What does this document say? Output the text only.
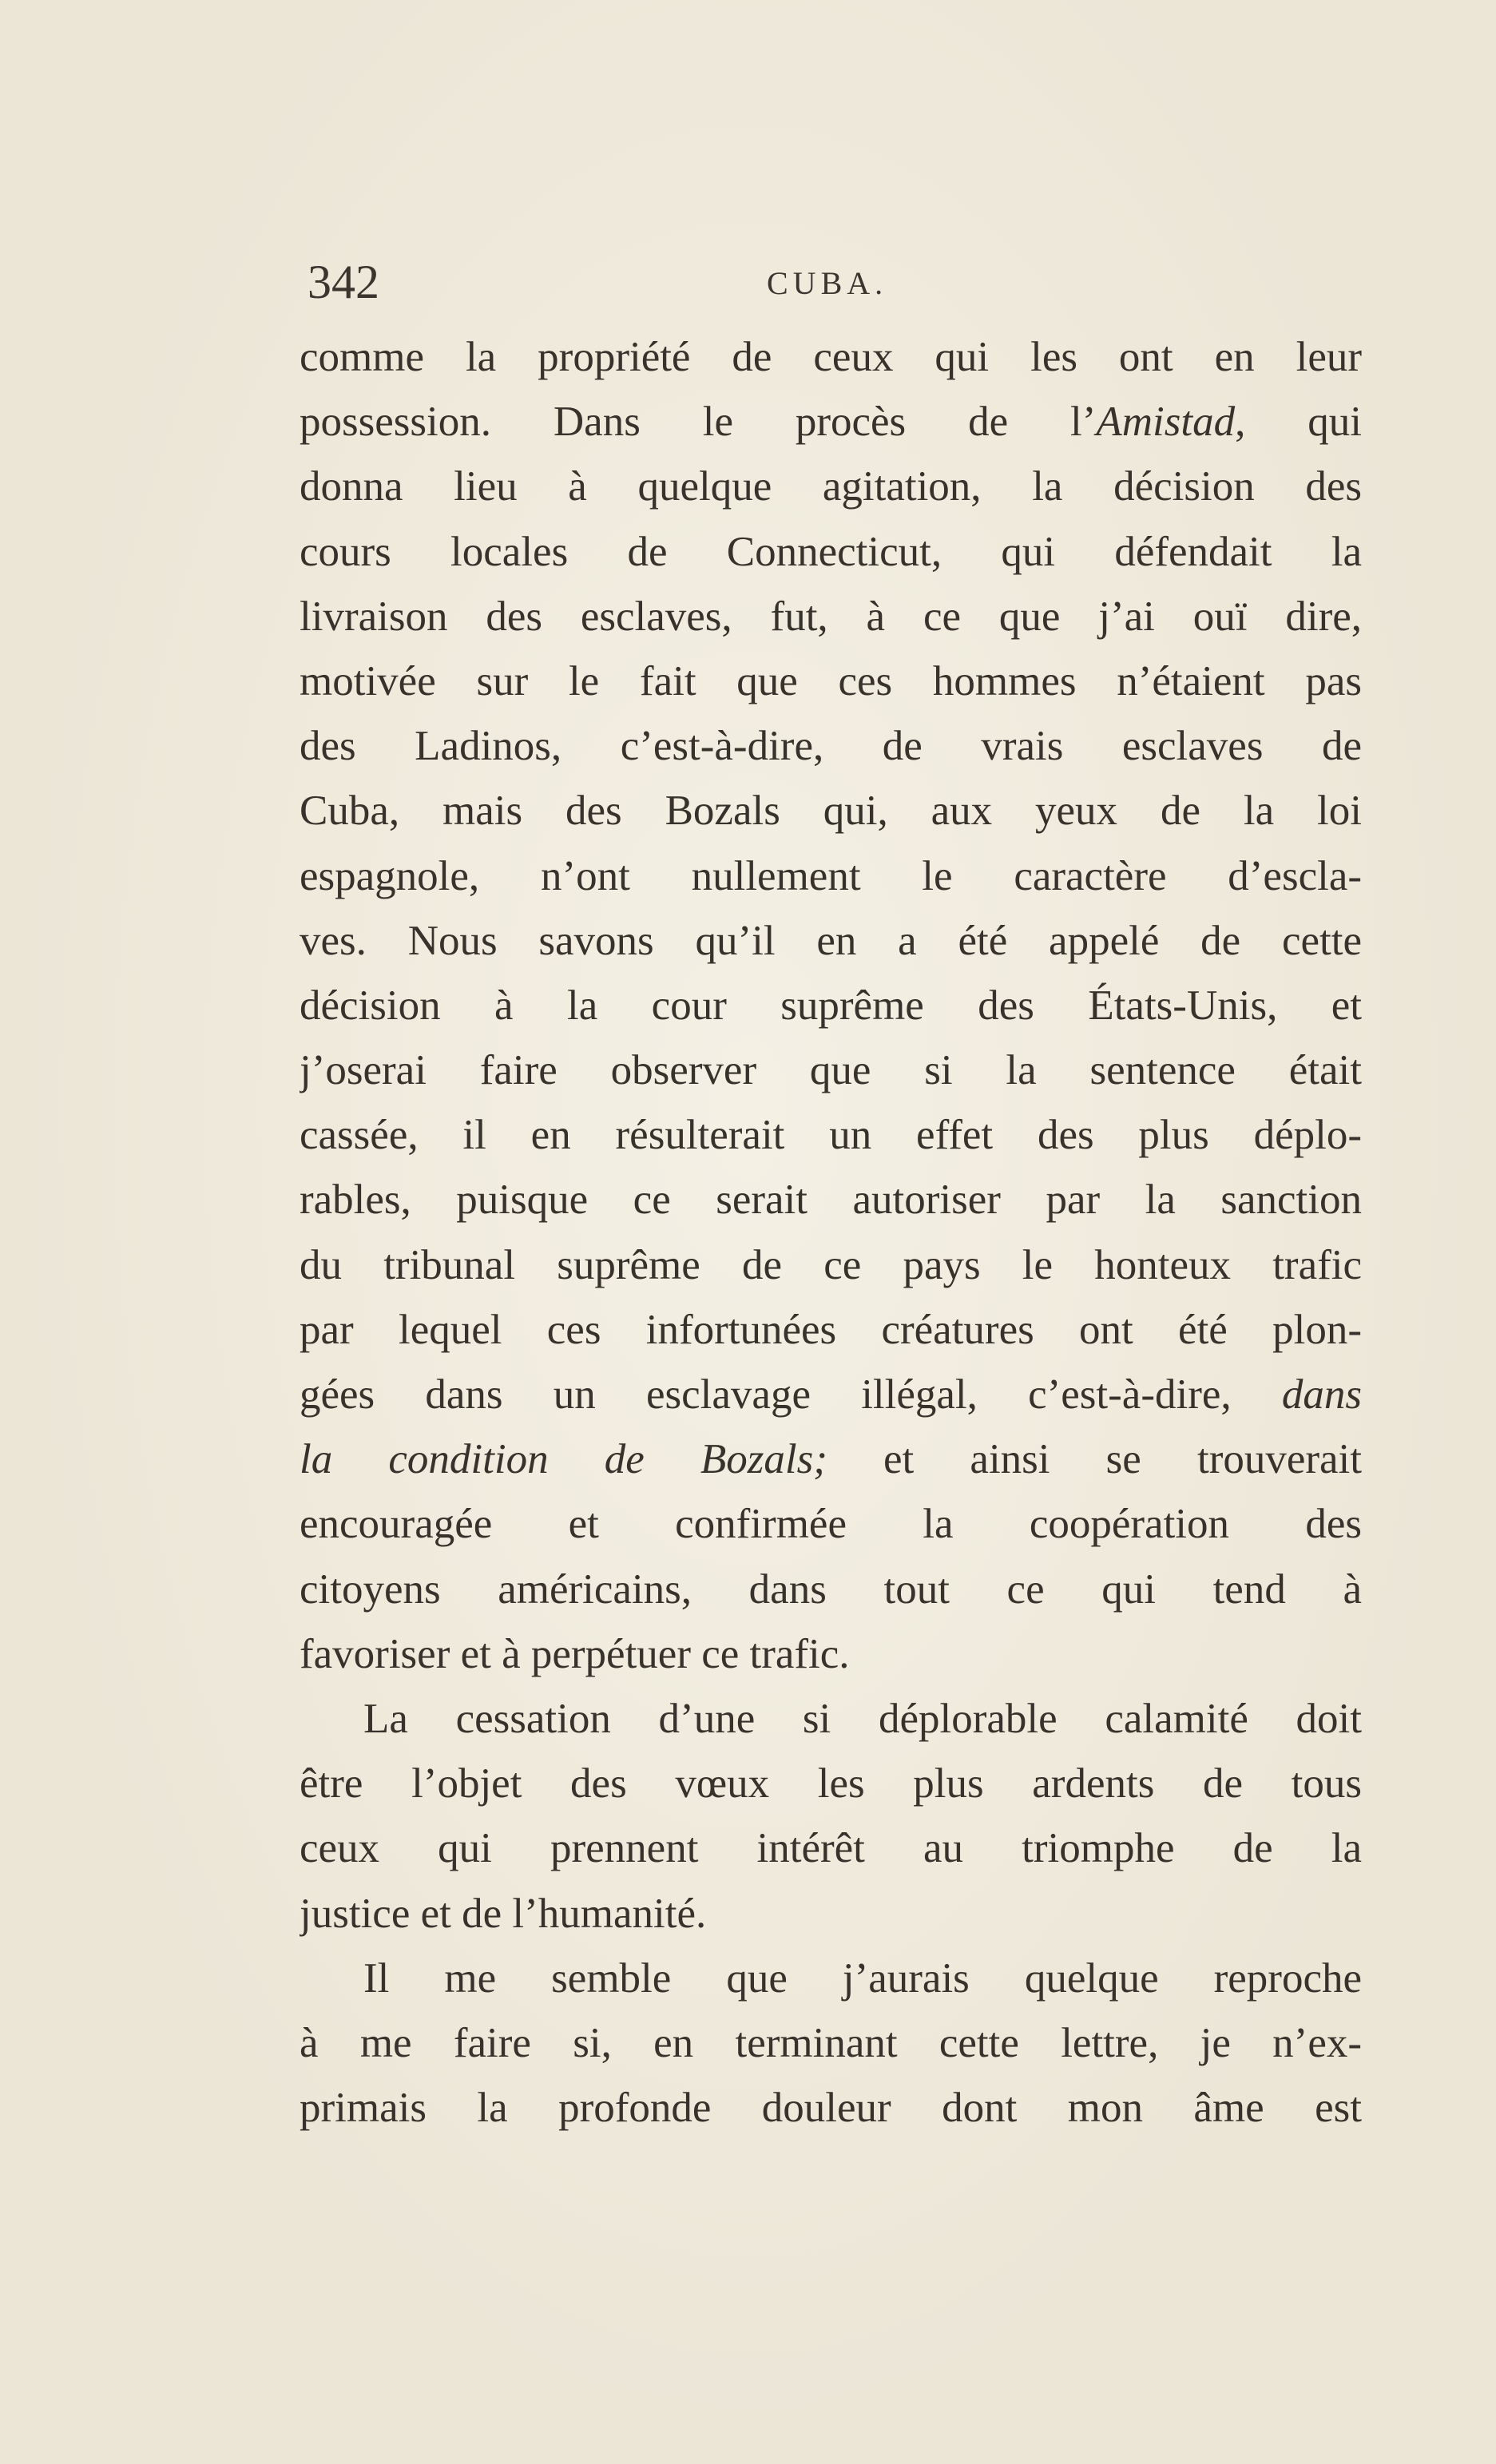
342	CUBA.
comme la propriété de ceux qui les ont en leur
possession. Dans le procès de l’Amistad, qui
donna lieu à quelque agitation, la décision des
cours locales de Connecticut, qui défendait la
livraison des esclaves, fut, à ce que j’ai ouï dire,
motivée sur le fait que ces hommes n’étaient pas
des Ladinos, c’est-à-dire, de vrais esclaves de
Cuba, mais des Bozals qui, aux yeux de la loi
espagnole, n’ont nullement le caractère d’escla-
ves. Nous savons qu’il en a été appelé de cette
décision à la cour suprême des États-Unis, et
j’oserai faire observer que si la sentence était
cassée, il en résulterait un effet des plus déplo-
rables, puisque ce serait autoriser par la sanction
du tribunal suprême de ce pays le honteux trafic
par lequel ces infortunées créatures ont été plon-
gées dans un esclavage illégal, c’est-à-dire, dans
la condition de Bozals; et ainsi se trouverait
encouragée et confirmée la coopération des
citoyens américains, dans tout ce qui tend à
favoriser et à perpétuer ce trafic.
La cessation d’une si déplorable calamité doit
être l’objet des vœux les plus ardents de tous
ceux qui prennent intérêt au triomphe de la
justice et de l’humanité.
Il me semble que j’aurais quelque reproche
à me faire si, en terminant cette lettre, je n’ex-
primais la profonde douleur dont mon âme est
